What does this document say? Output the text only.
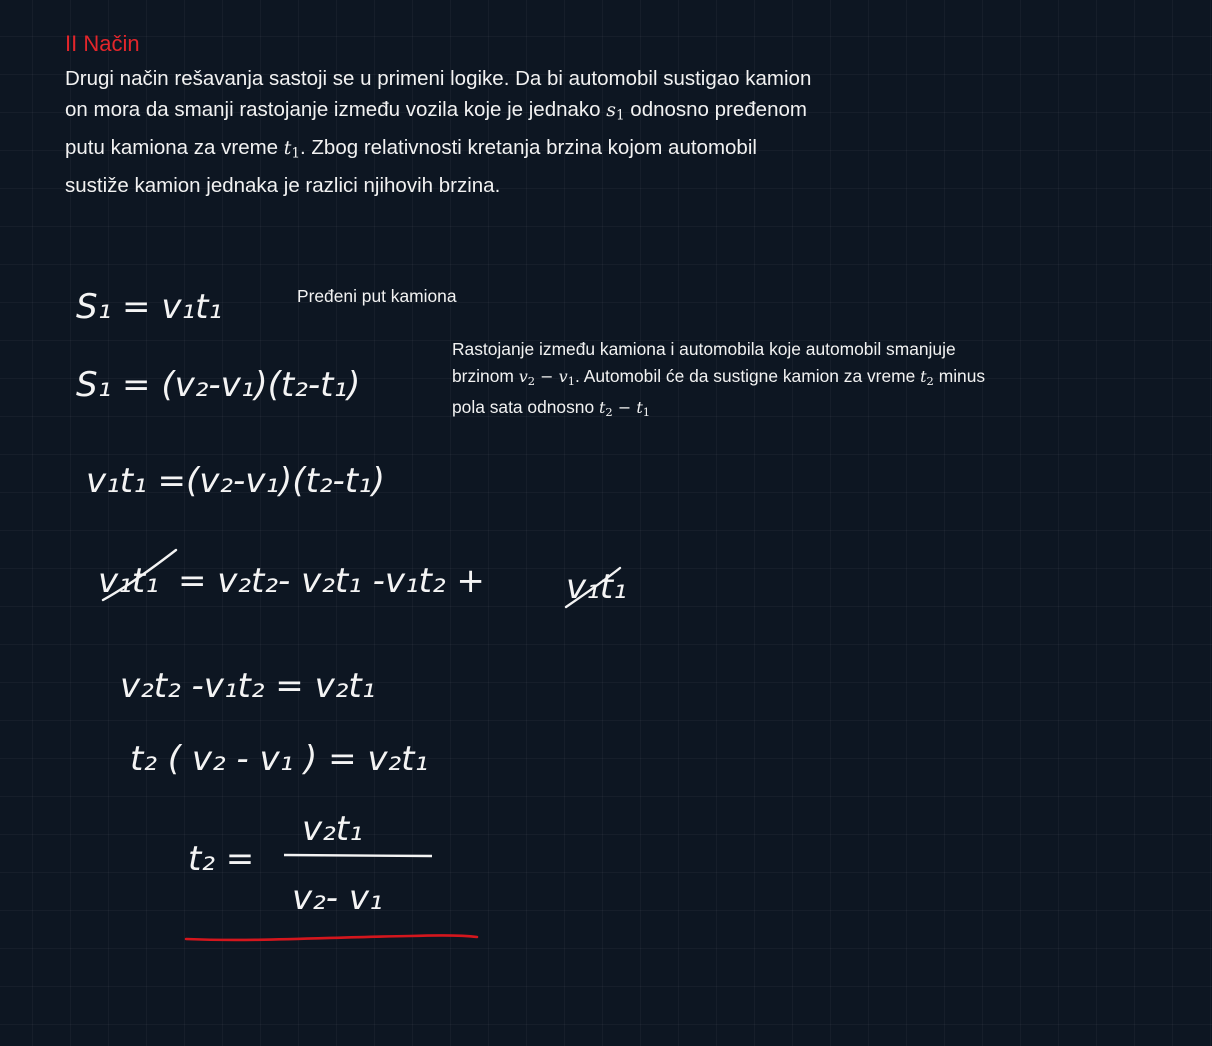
II Način
Drugi način rešavanja sastoji se u primeni logike. Da bi automobil sustigao kamion
on mora da smanji rastojanje između vozila koje je jednako $s_1$ odnosno pređenom
putu kamiona za vreme $t_1$. Zbog relativnosti kretanja brzina kojom automobil
sustiže kamion jednaka je razlici njihovih brzina.
Pređeni put kamiona
Rastojanje između kamiona i automobila koje automobil smanjuje
brzinom $v_2 - v_1$. Automobil će da sustigne kamion za vreme $t_2$ minus
pola sata odnosno $t_2 - t_1$
S₁ = v₁t₁
S₁ = (v₂-v₁)(t₂-t₁)
v₁t₁ =(v₂-v₁)(t₂-t₁)
v₁t₁ = v₂t₂- v₂t₁ -v₁t₂ + v₁t₁
v₂t₂ -v₁t₂ = v₂t₁
t₂ ( v₂ - v₁ ) = v₂t₁
t₂ =
v₂t₁
v₂- v₁
